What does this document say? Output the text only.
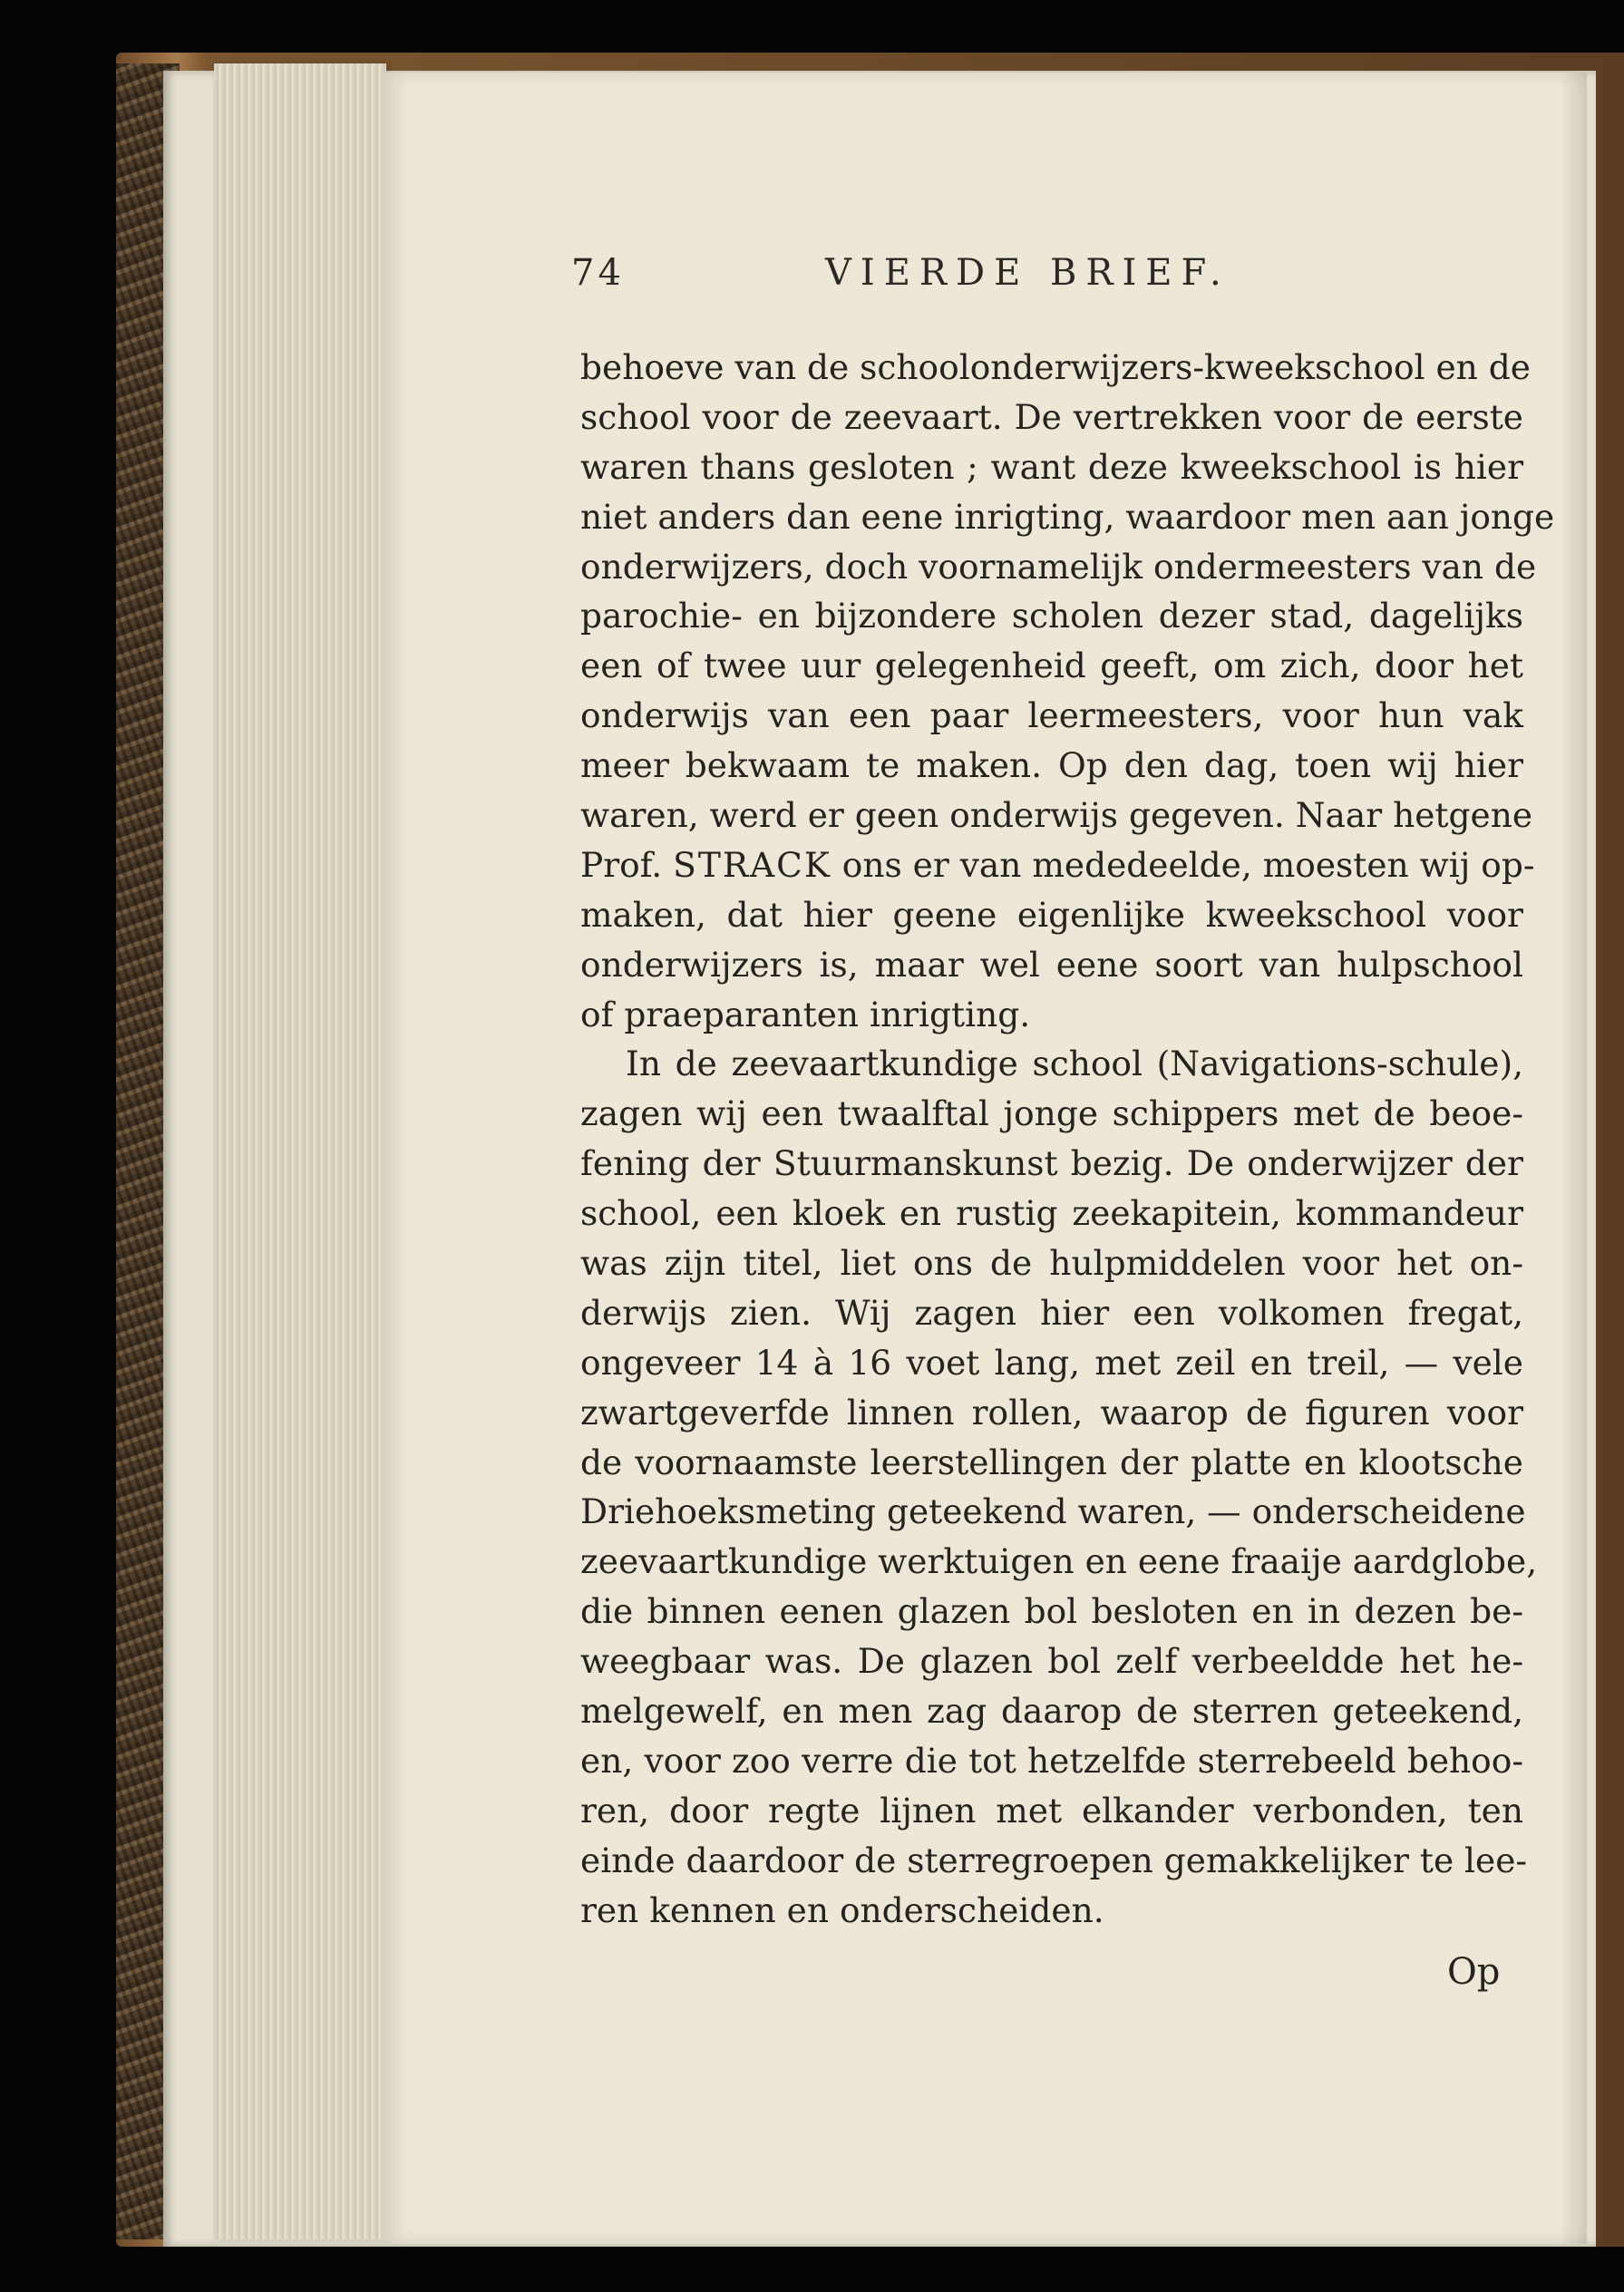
74	VIERDE BRIEF.
behoeve van de schoolonderwijzers-kweekschool en de
school voor de zeevaart. De vertrekken voor de eerste
waren thans gesloten ; want deze kweekschool is hier
niet anders dan eene inrigting, waardoor men aan jonge
onderwijzers, doch voornamelijk ondermeesters van de
parochie- en bijzondere scholen dezer stad, dagelijks
een of twee uur gelegenheid geeft, om zich, door het
onderwijs van een paar leermeesters, voor hun vak
meer bekwaam te maken. Op den dag, toen wij hier
waren, werd er geen onderwijs gegeven. Naar hetgene
Prof. STRACK ons er van mededeelde, moesten wij op-
maken, dat hier geene eigenlijke kweekschool voor
onderwijzers is, maar wel eene soort van hulpschool
of praeparanten inrigting.
In de zeevaartkundige school (Navigations-schule),
zagen wij een twaalftal jonge schippers met de beoe-
fening der Stuurmanskunst bezig. De onderwijzer der
school, een kloek en rustig zeekapitein, kommandeur
was zijn titel, liet ons de hulpmiddelen voor het on-
derwijs zien. Wij zagen hier een volkomen fregat,
ongeveer 14 à 16 voet lang, met zeil en treil, — vele
zwartgeverfde linnen rollen, waarop de figuren voor
de voornaamste leerstellingen der platte en klootsche
Driehoeksmeting geteekend waren, — onderscheidene
zeevaartkundige werktuigen en eene fraaije aardglobe,
die binnen eenen glazen bol besloten en in dezen be-
weegbaar was. De glazen bol zelf verbeeldde het he-
melgewelf, en men zag daarop de sterren geteekend,
en, voor zoo verre die tot hetzelfde sterrebeeld behoo-
ren, door regte lijnen met elkander verbonden, ten
einde daardoor de sterregroepen gemakkelijker te lee-
ren kennen en onderscheiden.
Op
